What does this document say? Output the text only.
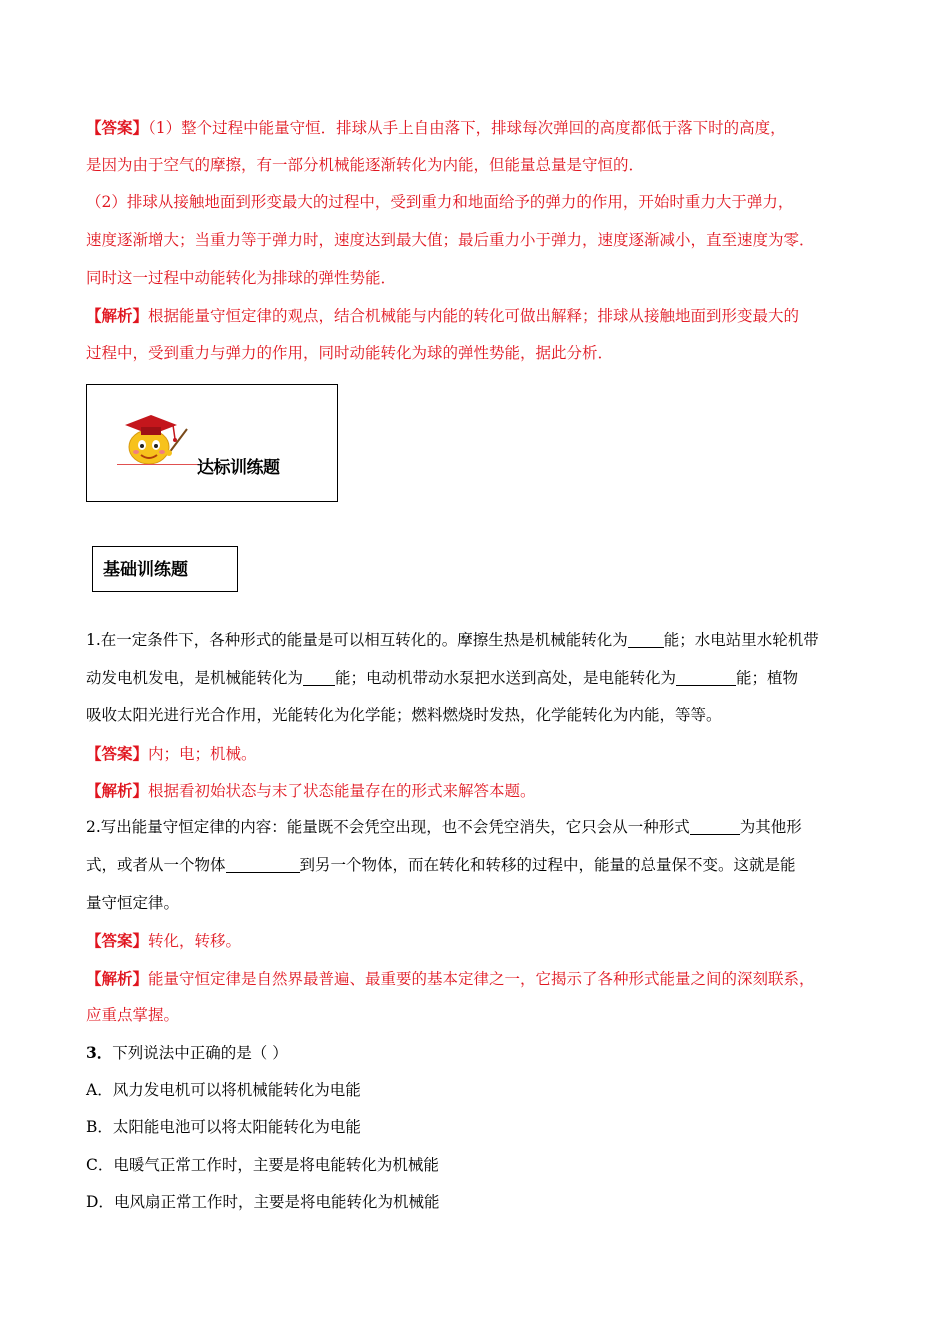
【答案】（1）整个过程中能量守恒．排球从手上自由落下，排球每次弹回的高度都低于落下时的高度，
是因为由于空气的摩擦，有一部分机械能逐渐转化为内能，但能量总量是守恒的．
（2）排球从接触地面到形变最大的过程中，受到重力和地面给予的弹力的作用，开始时重力大于弹力，
速度逐渐增大；当重力等于弹力时，速度达到最大值；最后重力小于弹力，速度逐渐减小，直至速度为零．
同时这一过程中动能转化为排球的弹性势能．
【解析】根据能量守恒定律的观点，结合机械能与内能的转化可做出解释；排球从接触地面到形变最大的
过程中，受到重力与弹力的作用，同时动能转化为球的弹性势能，据此分析．
达标训练题
基础训练题
1.在一定条件下，各种形式的能量是可以相互转化的。摩擦生热是机械能转化为 能；水电站里水轮机带
动发电机发电，是机械能转化为 能；电动机带动水泵把水送到高处，是电能转化为	能；植物
吸收太阳光进行光合作用，光能转化为化学能；燃料燃烧时发热，化学能转化为内能，等等。
【答案】内；电；机械。
【解析】根据看初始状态与末了状态能量存在的形式来解答本题。
2.写出能量守恒定律的内容：能量既不会凭空出现，也不会凭空消失，它只会从一种形式	为其他形
式，或者从一个物体	到另一个物体，而在转化和转移的过程中，能量的总量保不变。这就是能
量守恒定律。
【答案】转化，转移。
【解析】能量守恒定律是自然界最普遍、最重要的基本定律之一，它揭示了各种形式能量之间的深刻联系，
应重点掌握。
3．下列说法中正确的是（ ）
A．风力发电机可以将机械能转化为电能
B．太阳能电池可以将太阳能转化为电能
C．电暖气正常工作时，主要是将电能转化为机械能
D．电风扇正常工作时，主要是将电能转化为机械能
